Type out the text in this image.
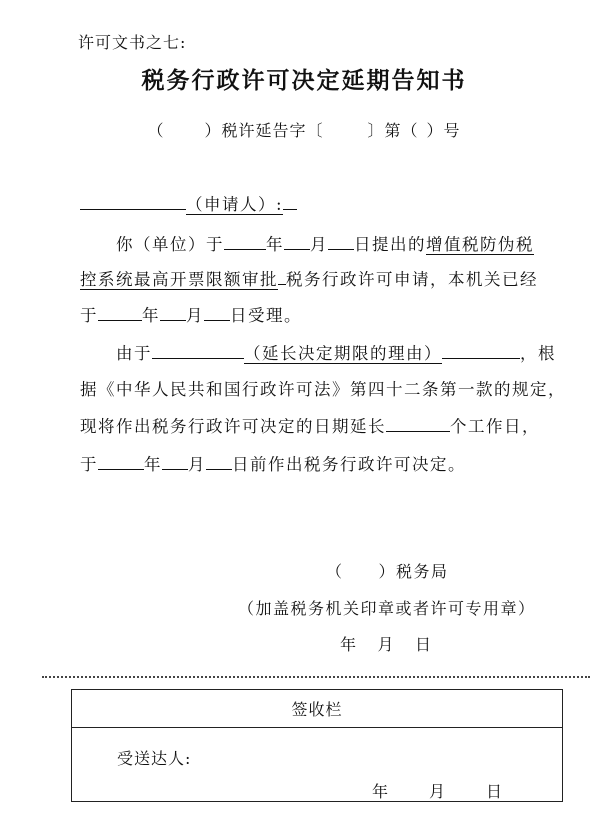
许可文书之七:
税务行政许可决定延期告知书
（	）税许延告字〔	〕第（ ）号
（申请人）:
你（单位）于	年 月 日提出的增值税防伪税
控系统最高开票限额审批 税务行政许可申请，本机关已经
于	年 月 日受理。
由于	（延长决定期限的理由）	，根
据《中华人民共和国行政许可法》第四十二条第一款的规定，
现将作出税务行政许可决定的日期延长	个工作日，
于	年 月 日前作出税务行政许可决定。
（　　）税务局
（加盖税务机关印章或者许可专用章）
年 月 日
签收栏
受送达人:
年	月	日
